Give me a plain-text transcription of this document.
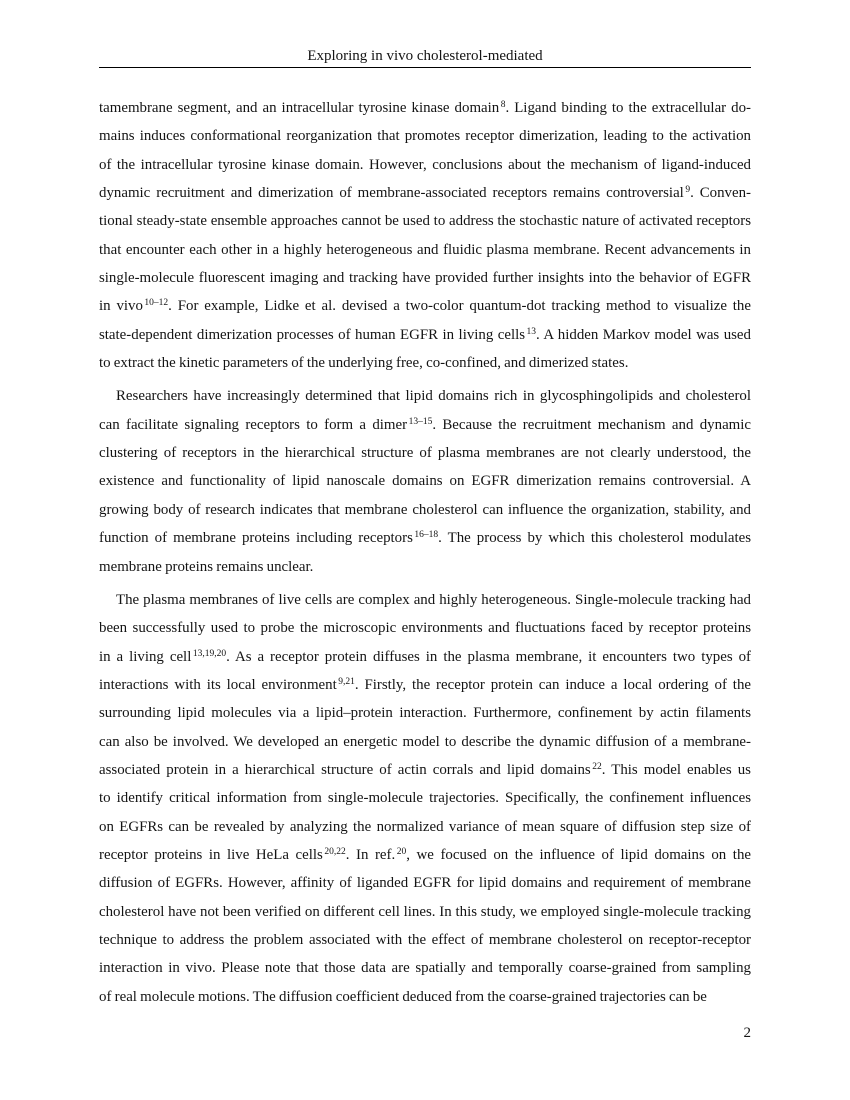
Exploring in vivo cholesterol-mediated
tamembrane segment, and an intracellular tyrosine kinase domain $^8$. Ligand binding to the extracellular do-
mains induces conformational reorganization that promotes receptor dimerization, leading to the activation
of the intracellular tyrosine kinase domain. However, conclusions about the mechanism of ligand-induced
dynamic recruitment and dimerization of membrane-associated receptors remains controversial $^9$. Conven-
tional steady-state ensemble approaches cannot be used to address the stochastic nature of activated receptors
that encounter each other in a highly heterogeneous and fluidic plasma membrane. Recent advancements in
single-molecule fluorescent imaging and tracking have provided further insights into the behavior of EGFR
in vivo $^{10-12}$. For example, Lidke et al. devised a two-color quantum-dot tracking method to visualize the
state-dependent dimerization processes of human EGFR in living cells $^{13}$. A hidden Markov model was used
to extract the kinetic parameters of the underlying free, co-confined, and dimerized states.
Researchers have increasingly determined that lipid domains rich in glycosphingolipids and cholesterol
can facilitate signaling receptors to form a dimer $^{13-15}$. Because the recruitment mechanism and dynamic
clustering of receptors in the hierarchical structure of plasma membranes are not clearly understood, the
existence and functionality of lipid nanoscale domains on EGFR dimerization remains controversial. A
growing body of research indicates that membrane cholesterol can influence the organization, stability, and
function of membrane proteins including receptors $^{16-18}$. The process by which this cholesterol modulates
membrane proteins remains unclear.
The plasma membranes of live cells are complex and highly heterogeneous. Single-molecule tracking had
been successfully used to probe the microscopic environments and fluctuations faced by receptor proteins
in a living cell $^{13,19,20}$. As a receptor protein diffuses in the plasma membrane, it encounters two types of
interactions with its local environment $^{9,21}$. Firstly, the receptor protein can induce a local ordering of the
surrounding lipid molecules via a lipid–protein interaction. Furthermore, confinement by actin filaments
can also be involved. We developed an energetic model to describe the dynamic diffusion of a membrane-
associated protein in a hierarchical structure of actin corrals and lipid domains $^{22}$. This model enables us
to identify critical information from single-molecule trajectories. Specifically, the confinement influences
on EGFRs can be revealed by analyzing the normalized variance of mean square of diffusion step size of
receptor proteins in live HeLa cells $^{20,22}$. In ref. $^{20}$, we focused on the influence of lipid domains on the
diffusion of EGFRs. However, affinity of liganded EGFR for lipid domains and requirement of membrane
cholesterol have not been verified on different cell lines. In this study, we employed single-molecule tracking
technique to address the problem associated with the effect of membrane cholesterol on receptor-receptor
interaction in vivo. Please note that those data are spatially and temporally coarse-grained from sampling
of real molecule motions. The diffusion coefficient deduced from the coarse-grained trajectories can be
2
